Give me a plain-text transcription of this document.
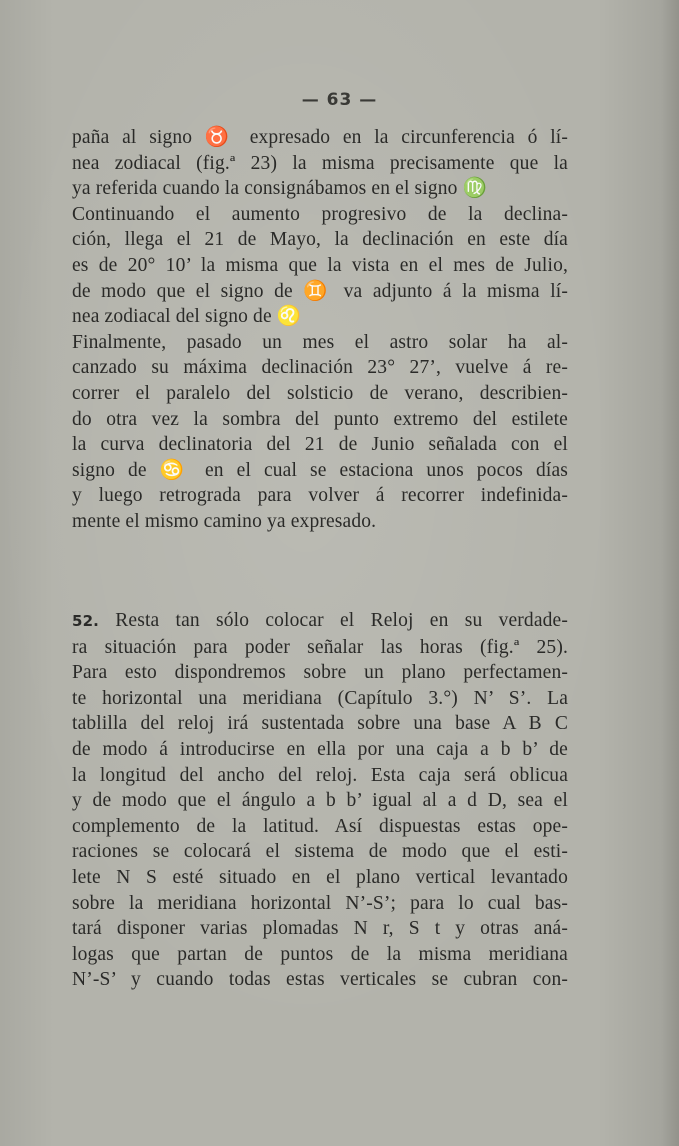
— 63 —
paña al signo ♉ expresado en la circunferencia ó lí-
nea zodiacal (fig.ª 23) la misma precisamente que la
ya referida cuando la consignábamos en el signo ♍
Continuando el aumento progresivo de la declina-
ción, llega el 21 de Mayo, la declinación en este día
es de 20° 10’ la misma que la vista en el mes de Julio,
de modo que el signo de ♊ va adjunto á la misma lí-
nea zodiacal del signo de ♌
Finalmente, pasado un mes el astro solar ha al-
canzado su máxima declinación 23° 27’, vuelve á re-
correr el paralelo del solsticio de verano, describien-
do otra vez la sombra del punto extremo del estilete
la curva declinatoria del 21 de Junio señalada con el
signo de ♋ en el cual se estaciona unos pocos días
y luego retrograda para volver á recorrer indefinida-
mente el mismo camino ya expresado.
52. Resta tan sólo colocar el Reloj en su verdade-
ra situación para poder señalar las horas (fig.ª 25).
Para esto dispondremos sobre un plano perfectamen-
te horizontal una meridiana (Capítulo 3.°) N’ S’. La
tablilla del reloj irá sustentada sobre una base A B C
de modo á introducirse en ella por una caja a b b’ de
la longitud del ancho del reloj. Esta caja será oblicua
y de modo que el ángulo a b b’ igual al a d D, sea el
complemento de la latitud. Así dispuestas estas ope-
raciones se colocará el sistema de modo que el esti-
lete N S esté situado en el plano vertical levantado
sobre la meridiana horizontal N’-S’; para lo cual bas-
tará disponer varias plomadas N r, S t y otras aná-
logas que partan de puntos de la misma meridiana
N’-S’ y cuando todas estas verticales se cubran con-
